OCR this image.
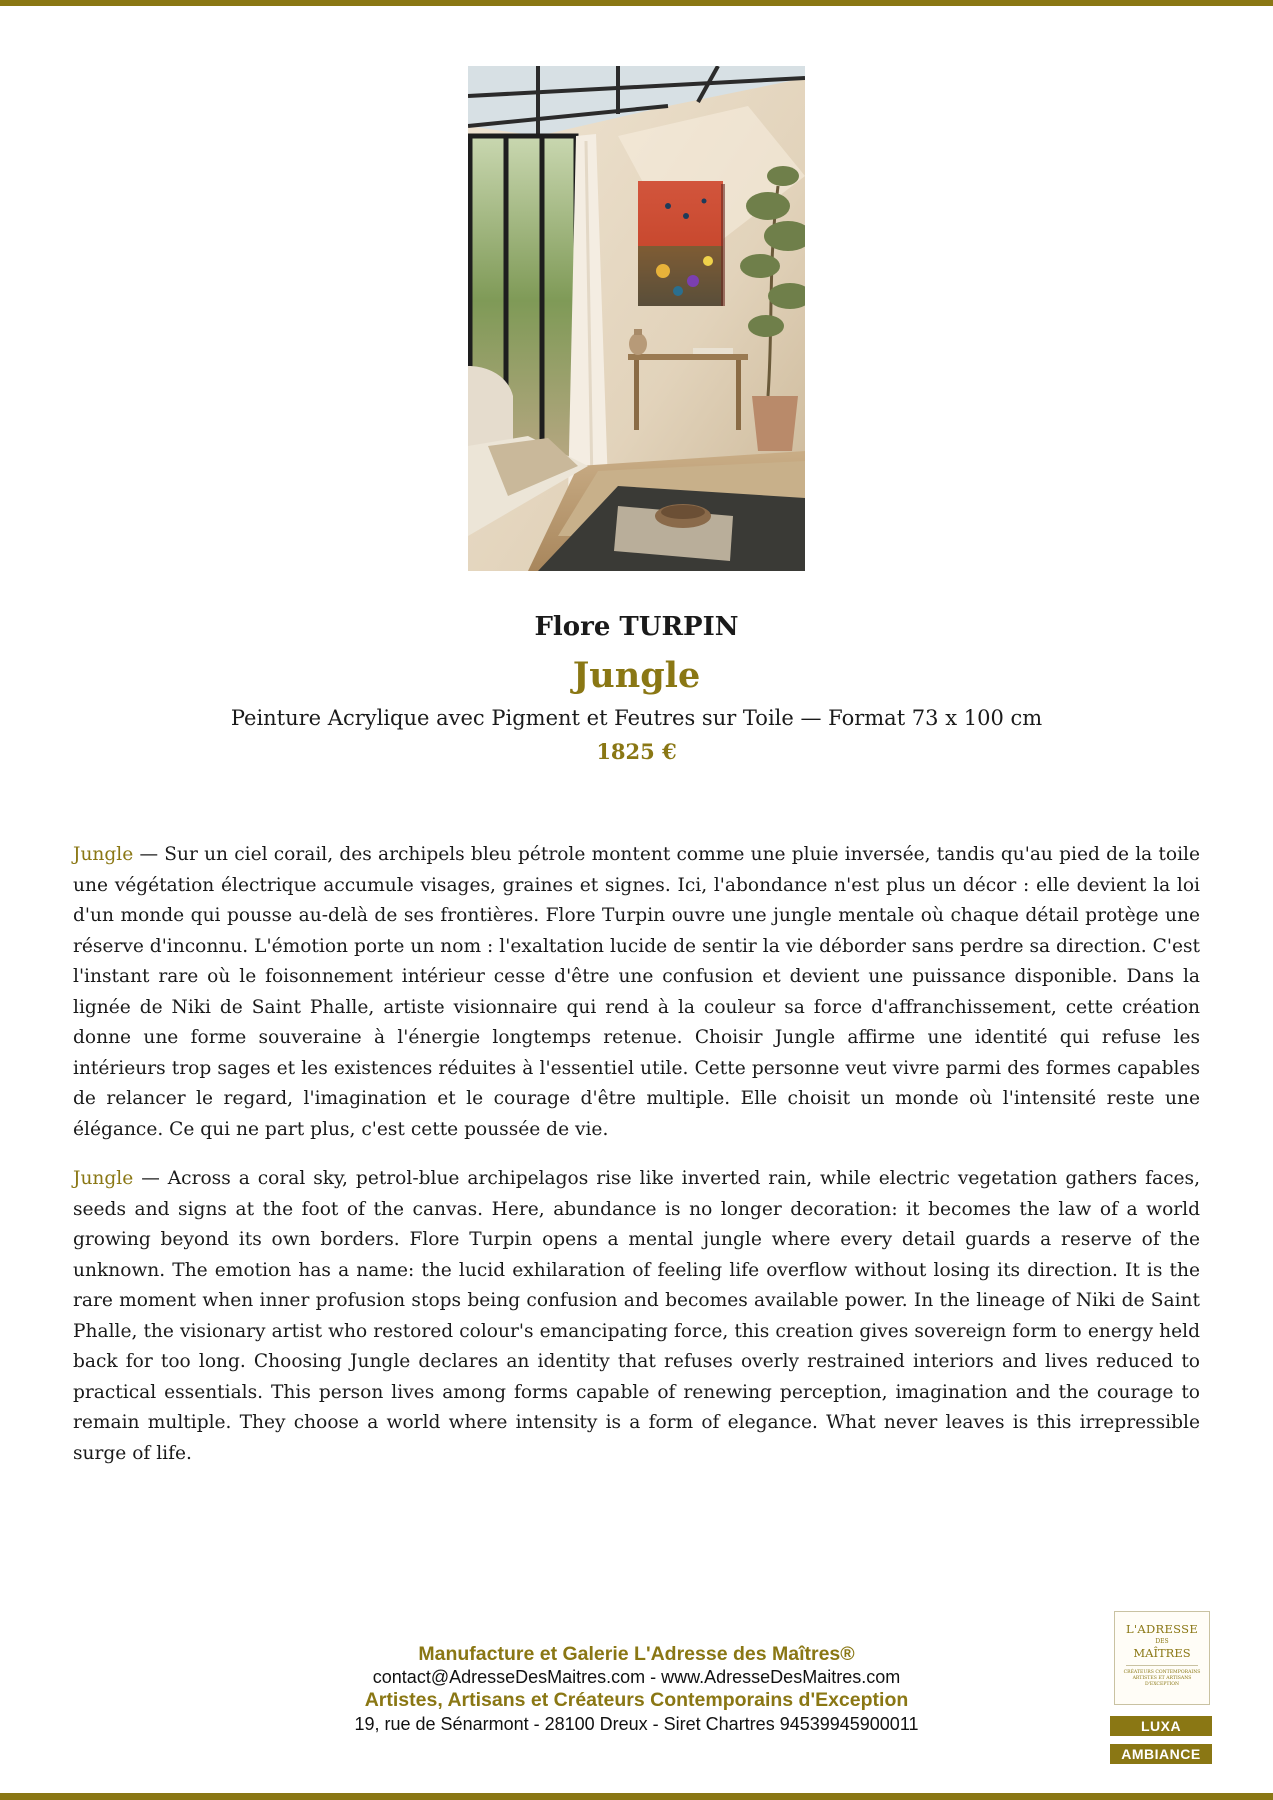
Flore TURPIN
Jungle
Peinture Acrylique avec Pigment et Feutres sur Toile — Format 73 x 100 cm
1825 €

Jungle — Sur un ciel corail, des archipels bleu pétrole montent comme une pluie inversée, tandis qu'au pied de la toile une végétation électrique accumule visages, graines et signes. Ici, l'abondance n'est plus un décor : elle devient la loi d'un monde qui pousse au-delà de ses frontières. Flore Turpin ouvre une jungle mentale où chaque détail protège une réserve d'inconnu. L'émotion porte un nom : l'exaltation lucide de sentir la vie déborder sans perdre sa direction. C'est l'instant rare où le foisonnement intérieur cesse d'être une confusion et devient une puissance disponible. Dans la lignée de Niki de Saint Phalle, artiste visionnaire qui rend à la couleur sa force d'affranchissement, cette création donne une forme souveraine à l'énergie longtemps retenue. Choisir Jungle affirme une identité qui refuse les intérieurs trop sages et les existences réduites à l'essentiel utile. Cette personne veut vivre parmi des formes capables de relancer le regard, l'imagination et le courage d'être multiple. Elle choisit un monde où l'intensité reste une élégance. Ce qui ne part plus, c'est cette poussée de vie.

Jungle — Across a coral sky, petrol-blue archipelagos rise like inverted rain, while electric vegetation gathers faces, seeds and signs at the foot of the canvas. Here, abundance is no longer decoration: it becomes the law of a world growing beyond its own borders. Flore Turpin opens a mental jungle where every detail guards a reserve of the unknown. The emotion has a name: the lucid exhilaration of feeling life overflow without losing its direction. It is the rare moment when inner profusion stops being confusion and becomes available power. In the lineage of Niki de Saint Phalle, the visionary artist who restored colour's emancipating force, this creation gives sovereign form to energy held back for too long. Choosing Jungle declares an identity that refuses overly restrained interiors and lives reduced to practical essentials. This person lives among forms capable of renewing perception, imagination and the courage to remain multiple. They choose a world where intensity is a form of elegance. What never leaves is this irrepressible surge of life.

Manufacture et Galerie L'Adresse des Maîtres®
contact@AdresseDesMaitres.com - www.AdresseDesMaitres.com
Artistes, Artisans et Créateurs Contemporains d'Exception
19, rue de Sénarmont - 28100 Dreux - Siret Chartres 94539945900011
L'ADRESSE
DES
MAÎTRES
CRÉATEURS CONTEMPORAINS ARTISTES ET ARTISANS D'EXCEPTION
LUXA
AMBIANCE
